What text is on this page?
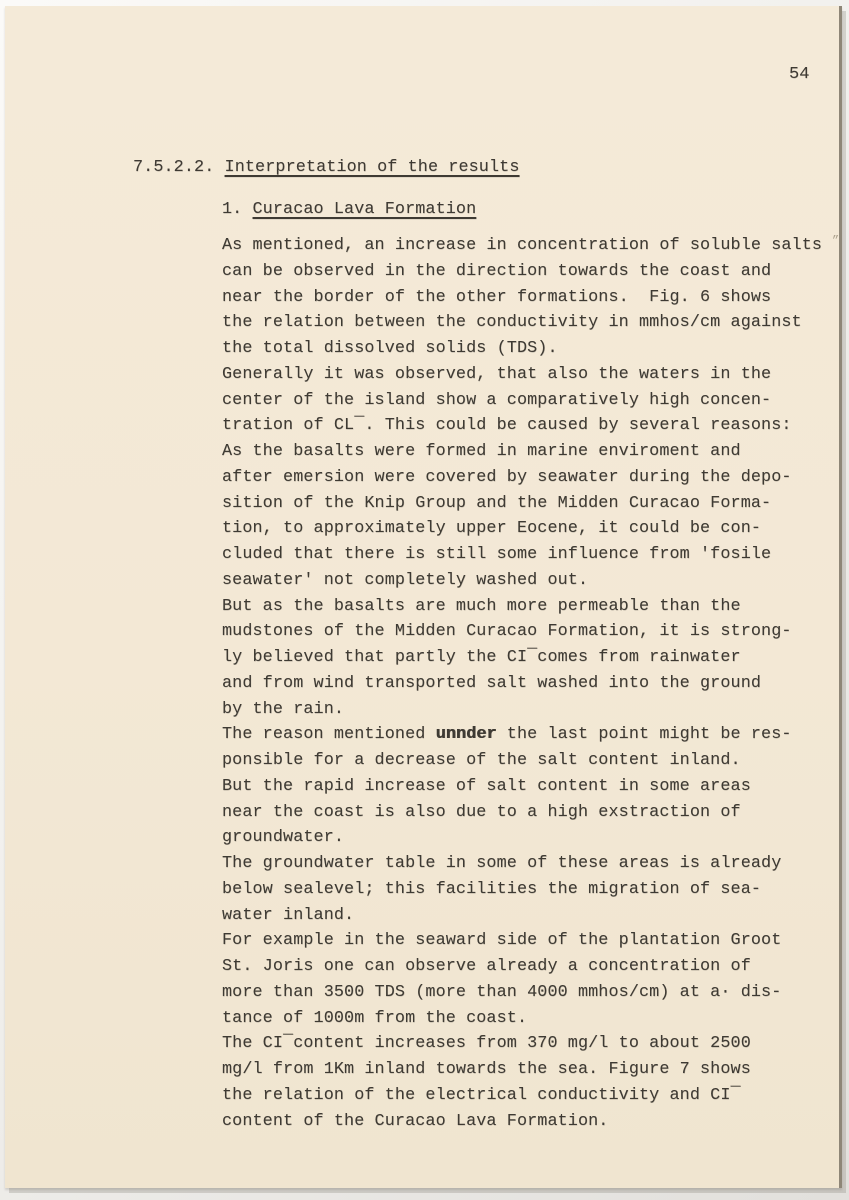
54
7.5.2.2. Interpretation of the results
1. Curacao Lava Formation
As mentioned, an increase in concentration of soluble salts
can be observed in the direction towards the coast and
near the border of the other formations.  Fig. 6 shows
the relation between the conductivity in mmhos/cm against
the total dissolved solids (TDS).
Generally it was observed, that also the waters in the
center of the island show a comparatively high concen-
tration of CL¯. This could be caused by several reasons:
As the basalts were formed in marine enviroment and
after emersion were covered by seawater during the depo-
sition of the Knip Group and the Midden Curacao Forma-
tion, to approximately upper Eocene, it could be con-
cluded that there is still some influence from 'fosile
seawater' not completely washed out.
But as the basalts are much more permeable than the
mudstones of the Midden Curacao Formation, it is strong-
ly believed that partly the CI¯comes from rainwater
and from wind transported salt washed into the ground
by the rain.
The reason mentioned unnder the last point might be res-
ponsible for a decrease of the salt content inland.
But the rapid increase of salt content in some areas
near the coast is also due to a high exstraction of
groundwater.
The groundwater table in some of these areas is already
below sealevel; this facilities the migration of sea-
water inland.
For example in the seaward side of the plantation Groot
St. Joris one can observe already a concentration of
more than 3500 TDS (more than 4000 mmhos/cm) at a· dis-
tance of 1000m from the coast.
The CI¯content increases from 370 mg/l to about 2500
mg/l from 1Km inland towards the sea. Figure 7 shows
the relation of the electrical conductivity and CI¯
content of the Curacao Lava Formation.
”
